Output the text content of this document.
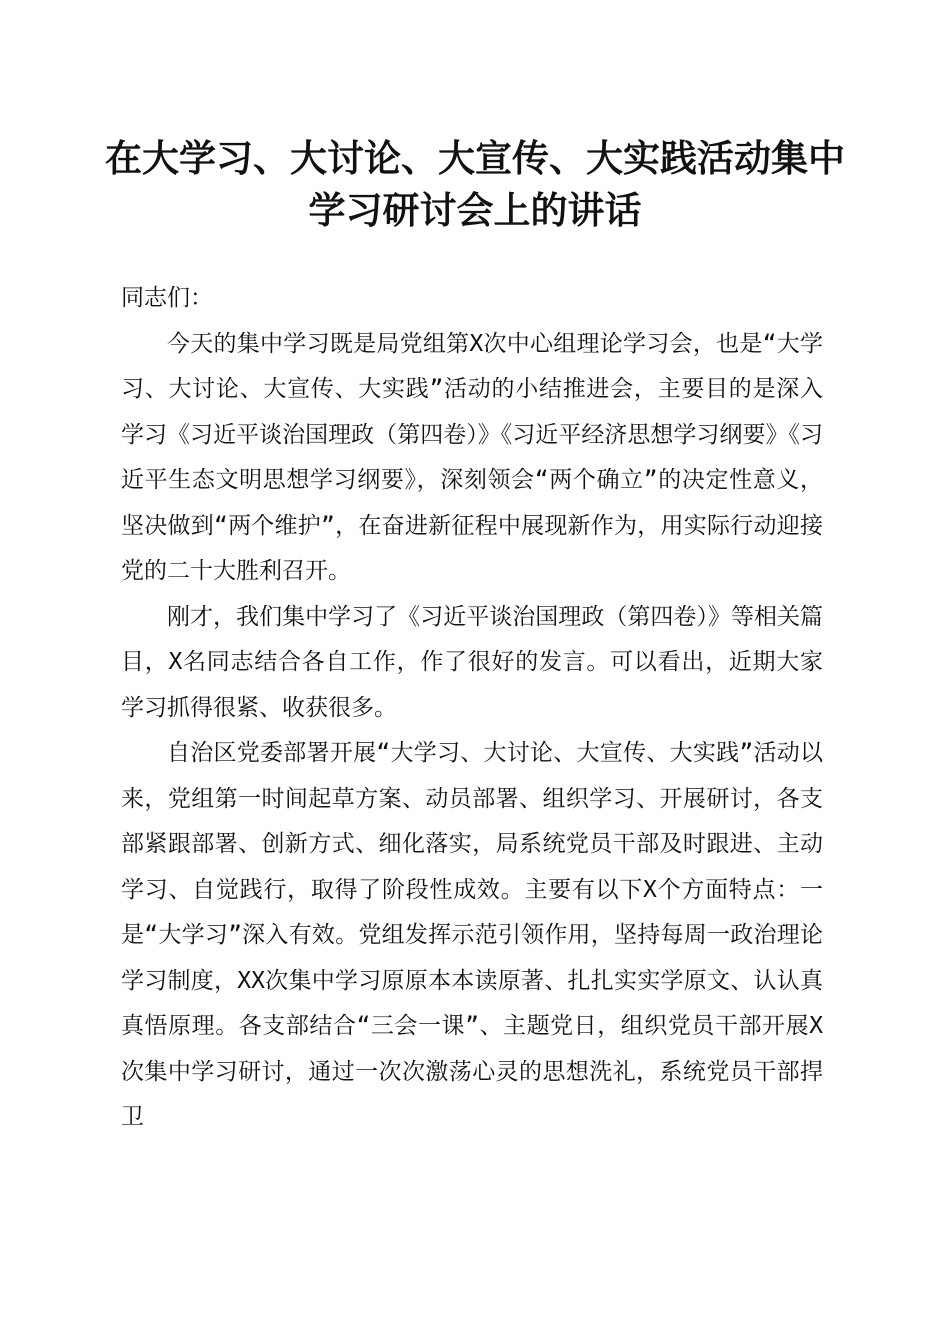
在大学习、大讨论、大宣传、大实践活动集中
学习研讨会上的讲话

同志们：

今天的集中学习既是局党组第X次中心组理论学习会，也是“大学习、大讨论、大宣传、大实践”活动的小结推进会，主要目的是深入学习《习近平谈治国理政（第四卷）》《习近平经济思想学习纲要》《习近平生态文明思想学习纲要》，深刻领会“两个确立”的决定性意义，坚决做到“两个维护”，在奋进新征程中展现新作为，用实际行动迎接党的二十大胜利召开。

刚才，我们集中学习了《习近平谈治国理政（第四卷）》等相关篇目，X名同志结合各自工作，作了很好的发言。可以看出，近期大家学习抓得很紧、收获很多。

自治区党委部署开展“大学习、大讨论、大宣传、大实践”活动以来，党组第一时间起草方案、动员部署、组织学习、开展研讨，各支部紧跟部署、创新方式、细化落实，局系统党员干部及时跟进、主动学习、自觉践行，取得了阶段性成效。主要有以下X个方面特点：一是“大学习”深入有效。党组发挥示范引领作用，坚持每周一政治理论学习制度，XX次集中学习原原本本读原著、扎扎实实学原文、认认真真悟原理。各支部结合“三会一课”、主题党日，组织党员干部开展X次集中学习研讨，通过一次次激荡心灵的思想洗礼，系统党员干部捍卫
